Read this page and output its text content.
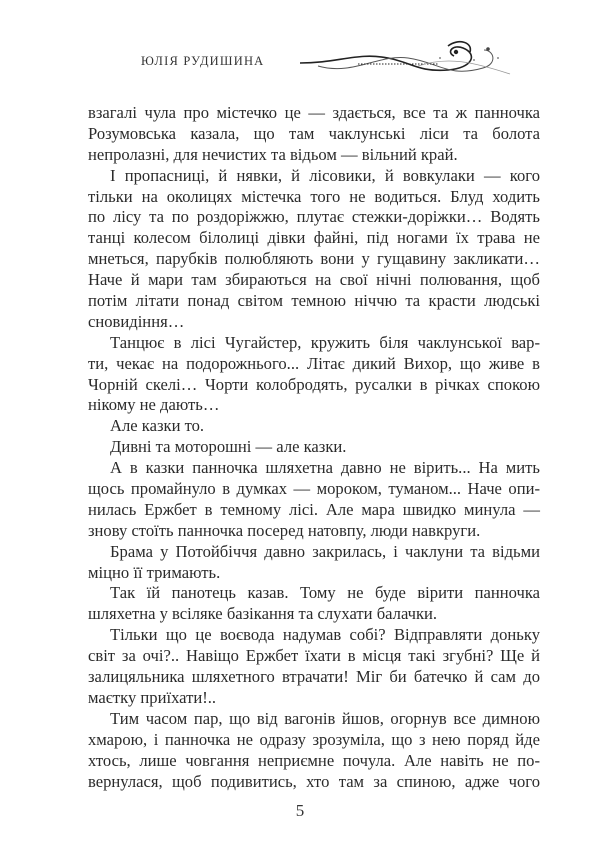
ЮЛІЯ РУДИШИНА
взагалі чула про містечко це — здається, все та ж панночка
Розумовська казала, що там чаклунські ліси та болота
непролазні, для нечистих та відьом — вільний край.
І пропасниці, й нявки, й лісовики, й вовкулаки — кого
тільки на околицях містечка того не водиться. Блуд ходить
по лісу та по роздоріжжю, плутає стежки-доріжки… Водять
танці колесом білолиці дівки файні, під ногами їх трава не
мнеться, парубків полюбляють вони у гущавину закликати…
Наче й мари там збираються на свої нічні полювання, щоб
потім літати понад світом темною ніччю та красти людські
сновидіння…
Танцює в лісі Чугайстер, кружить біля чаклунської вар-
ти, чекає на подорожнього... Літає дикий Вихор, що живе в
Чорній скелі… Чорти колобродять, русалки в річках спокою
нікому не дають…
Але казки то.
Дивні та моторошні — але казки.
А в казки панночка шляхетна давно не вірить... На мить
щось промайнуло в думках — мороком, туманом... Наче опи-
нилась Ержбет в темному лісі. Але мара швидко минула —
знову стоїть панночка посеред натовпу, люди навкруги.
Брама у Потойбіччя давно закрилась, і чаклуни та відьми
міцно її тримають.
Так їй панотець казав. Тому не буде вірити панночка
шляхетна у всіляке базікання та слухати балачки.
Тільки що це воєвода надумав собі? Відправляти доньку
світ за очі?.. Навіщо Ержбет їхати в місця такі згубні? Ще й
залицяльника шляхетного втрачати! Міг би батечко й сам до
маєтку приїхати!..
Тим часом пар, що від вагонів йшов, огорнув все димною
хмарою, і панночка не одразу зрозуміла, що з нею поряд йде
хтось, лише човгання неприємне почула. Але навіть не по-
вернулася, щоб подивитись, хто там за спиною, адже чого
5
